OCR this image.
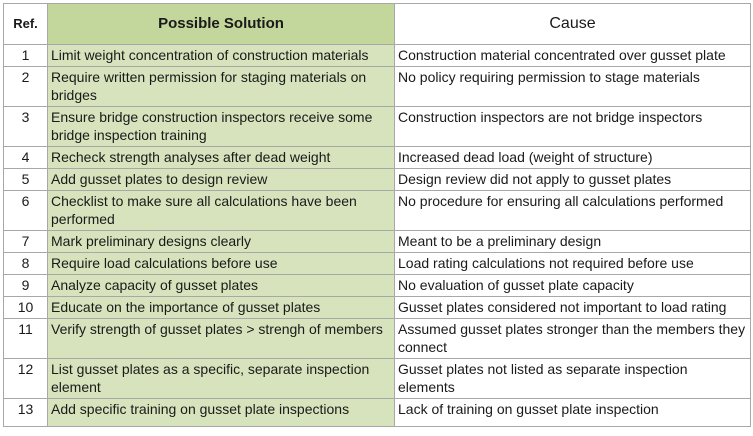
Ref.	Possible Solution	Cause
1	Limit weight concentration of construction materials	Construction material concentrated over gusset plate
2	Require written permission for staging materials on bridges	No policy requiring permission to stage materials
3	Ensure bridge construction inspectors receive some bridge inspection training	Construction inspectors are not bridge inspectors
4	Recheck strength analyses after dead weight	Increased dead load (weight of structure)
5	Add gusset plates to design review	Design review did not apply to gusset plates
6	Checklist to make sure all calculations have been performed	No procedure for ensuring all calculations performed
7	Mark preliminary designs clearly	Meant to be a preliminary design
8	Require load calculations before use	Load rating calculations not required before use
9	Analyze capacity of gusset plates	No evaluation of gusset plate capacity
10	Educate on the importance of gusset plates	Gusset plates considered not important to load rating
11	Verify strength of gusset plates > strengh of members	Assumed gusset plates stronger than the members they connect
12	List gusset plates as a specific, separate inspection element	Gusset plates not listed as separate inspection elements
13	Add specific training on gusset plate inspections	Lack of training on gusset plate inspection
